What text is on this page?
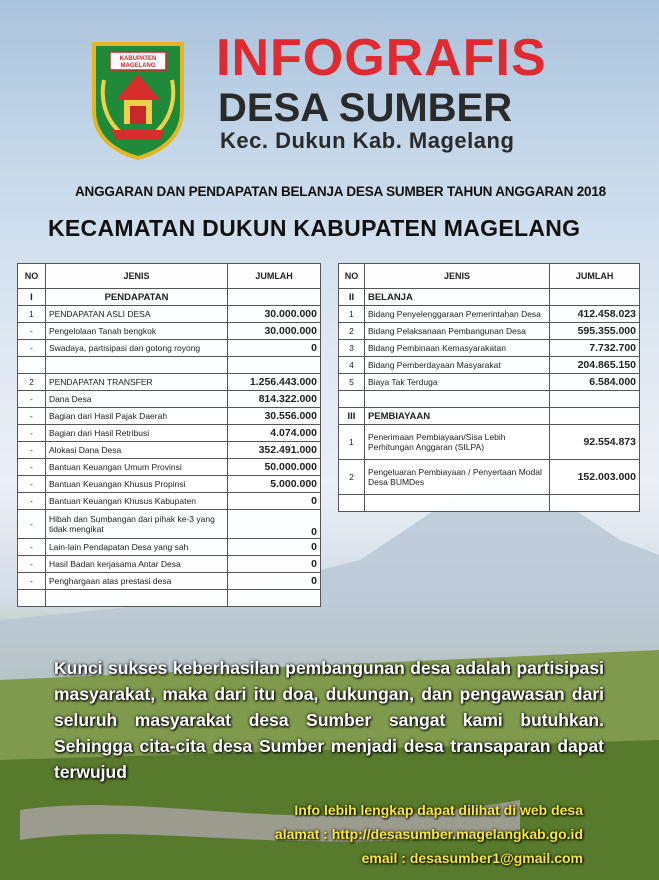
KABUPATEN
MAGELANG INFOGRAFIS
DESA SUMBER
Kec. Dukun Kab. Magelang
ANGGARAN DAN PENDAPATAN BELANJA DESA SUMBER TAHUN ANGGARAN 2018
KECAMATAN DUKUN KABUPATEN MAGELANG
NO	JENIS	JUMLAH
I	PENDAPATAN	
1	PENDAPATAN ASLI DESA	30.000.000
-	Pengelolaan Tanah bengkok	30.000.000
-	Swadaya, partisipasi dan gotong royong	0

2	PENDAPATAN TRANSFER	1.256.443.000
-	Dana Desa	814.322.000
-	Bagian dari Hasil Pajak Daerah	30.556.000
-	Bagian dari Hasil Retribusi	4.074.000
-	Alokasi Dana Desa	352.491.000
-	Bantuan Keuangan Umum Provinsi	50.000.000
-	Bantuan Keuangan Khusus Propinsi	5.000.000
-	Bantuan Keuangan Khusus Kabupaten	0
-	Hibah dan Sumbangan dari pihak ke-3 yang tidak mengikat	0
-	Lain-lain Pendapatan Desa yang sah	0
-	Hasil Badan kerjasama Antar Desa	0
-	Penghargaan atas prestasi desa	0

NO	JENIS	JUMLAH
II	BELANJA	
1	Bidang Penyelenggaraan Pemerintahan Desa	412.458.023
2	Bidang Pelaksanaan Pembangunan Desa	595.355.000
3	Bidang Pembinaan Kemasyarakatan	7.732.700
4	Bidang Pemberdayaan Masyarakat	204.865.150
5	Biaya Tak Terduga	6.584.000

III	PEMBIAYAAN	
1	Penerimaan Pembiayaan/Sisa Lebih Perhitungan Anggaran (SILPA)	92.554.873
2	Pengeluaran Pembiayaan / Penyertaan Modal Desa BUMDes	152.003.000

Kunci sukses keberhasilan pembangunan desa adalah partisipasi masyarakat, maka dari itu doa, dukungan, dan pengawasan dari seluruh masyarakat desa Sumber sangat kami butuhkan. Sehingga cita-cita desa Sumber menjadi desa transaparan dapat terwujud
Info lebih lengkap dapat dilihat di web desa
alamat : http://desasumber.magelangkab.go.id
email : desasumber1@gmail.com
